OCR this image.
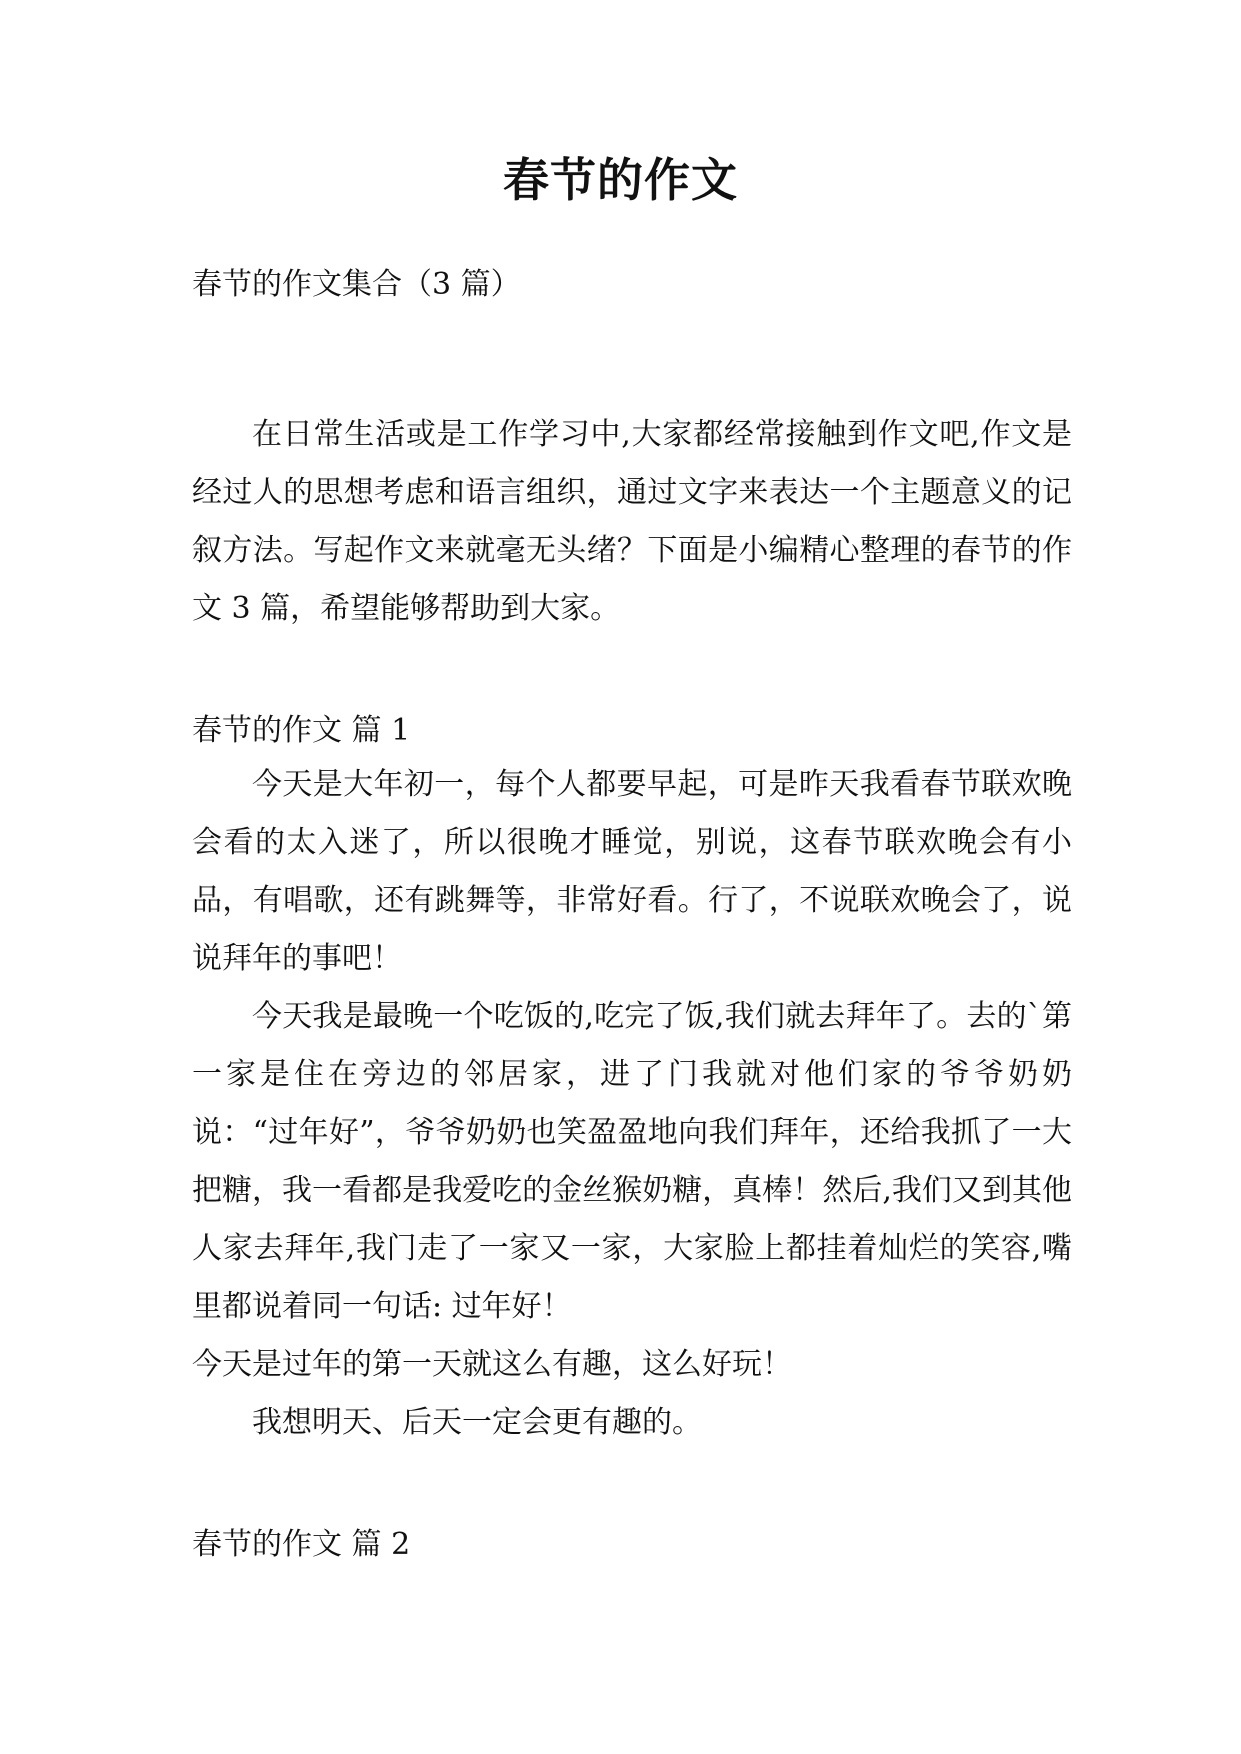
春节的作文
春节的作文集合（3 篇）

在日常生活或是工作学习中,大家都经常接触到作文吧,作文是经过人的思想考虑和语言组织，通过文字来表达一个主题意义的记叙方法。写起作文来就毫无头绪？下面是小编精心整理的春节的作文 3 篇，希望能够帮助到大家。

春节的作文 篇 1

今天是大年初一，每个人都要早起，可是昨天我看春节联欢晚会看的太入迷了，所以很晚才睡觉，别说，这春节联欢晚会有小品，有唱歌，还有跳舞等，非常好看。行了，不说联欢晚会了，说说拜年的事吧！

今天我是最晚一个吃饭的,吃完了饭,我们就去拜年了。去的`第一家是住在旁边的邻居家，进了门我就对他们家的爷爷奶奶说：“过年好”，爷爷奶奶也笑盈盈地向我们拜年，还给我抓了一大把糖，我一看都是我爱吃的金丝猴奶糖，真棒！然后,我们又到其他人家去拜年,我门走了一家又一家，大家脸上都挂着灿烂的笑容,嘴里都说着同一句话: 过年好！

今天是过年的第一天就这么有趣，这么好玩！

我想明天、后天一定会更有趣的。

春节的作文 篇 2
